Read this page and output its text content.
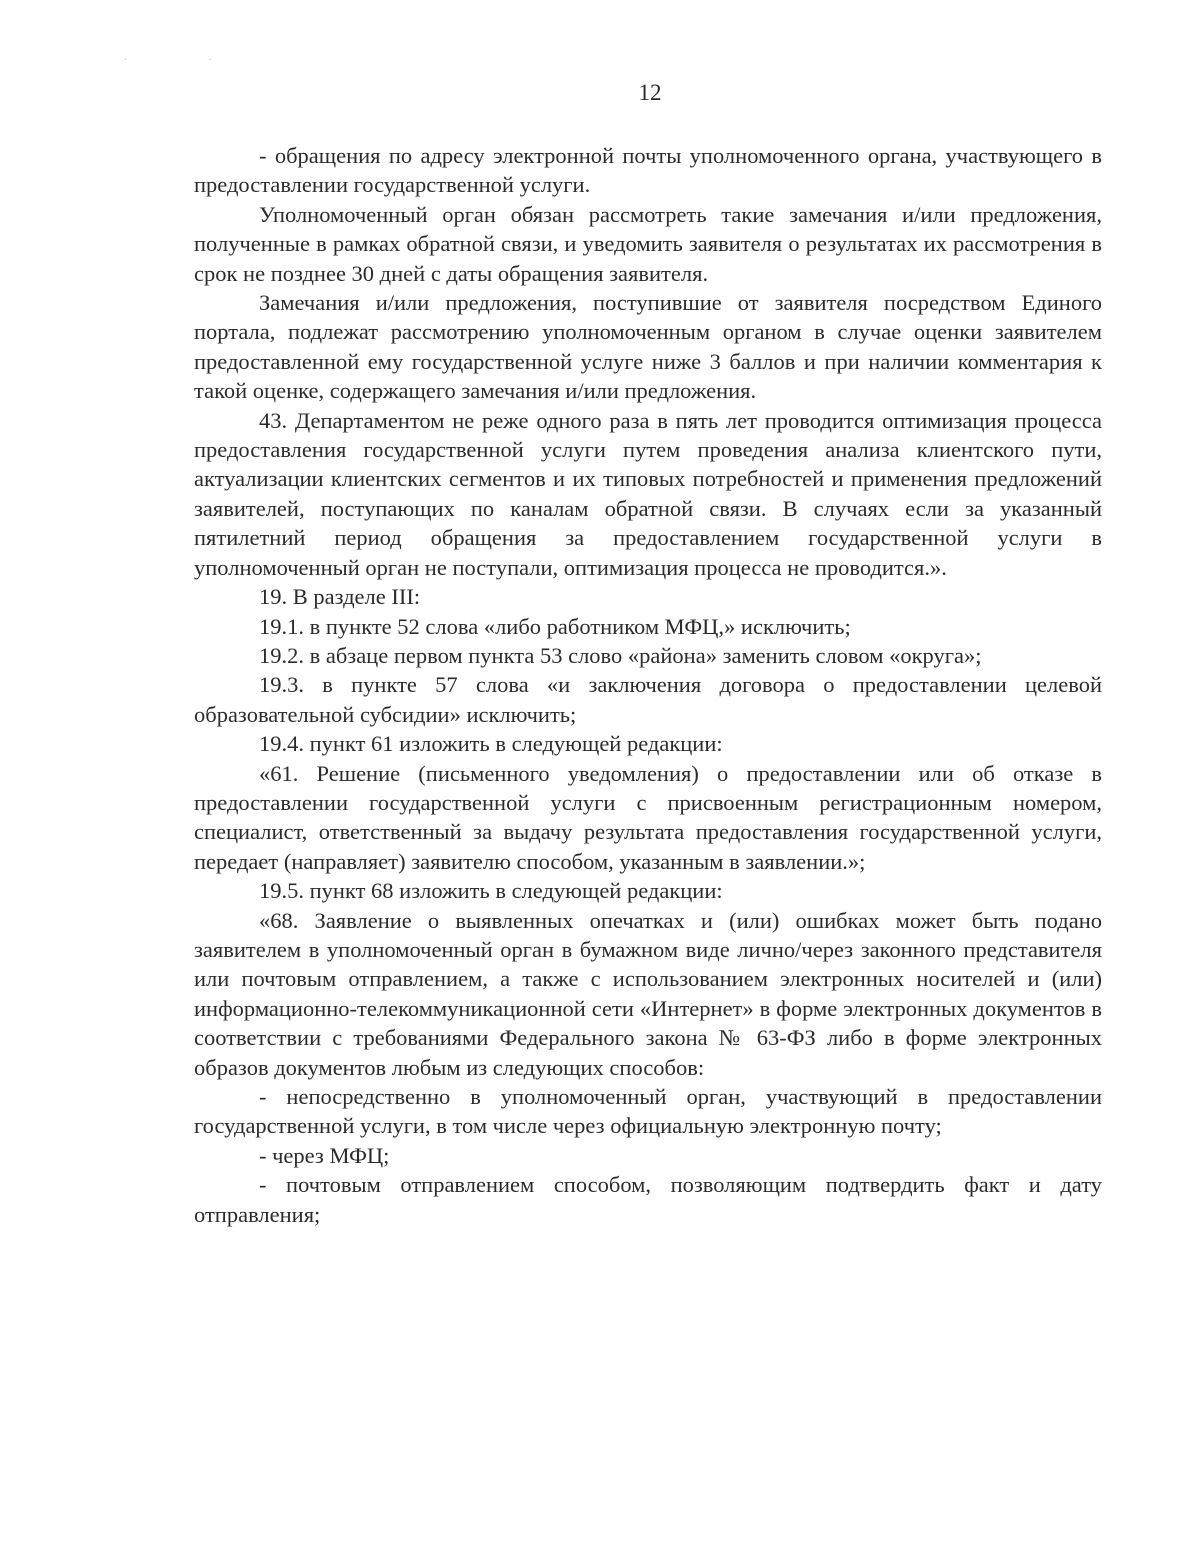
. .
12

- обращения по адресу электронной почты уполномоченного органа, участвующего в предоставлении государственной услуги.

Уполномоченный орган обязан рассмотреть такие замечания и/или предложения, полученные в рамках обратной связи, и уведомить заявителя о результатах их рассмотрения в срок не позднее 30 дней с даты обращения заявителя.

Замечания и/или предложения, поступившие от заявителя посредством Единого портала, подлежат рассмотрению уполномоченным органом в случае оценки заявителем предоставленной ему государственной услуге ниже 3 баллов и при наличии комментария к такой оценке, содержащего замечания и/или предложения.

43. Департаментом не реже одного раза в пять лет проводится оптимизация процесса предоставления государственной услуги путем проведения анализа клиентского пути, актуализации клиентских сегментов и их типовых потребностей и применения предложений заявителей, поступающих по каналам обратной связи. В случаях если за указанный пятилетний период обращения за предоставлением государственной услуги в уполномоченный орган не поступали, оптимизация процесса не проводится.».

19. В разделе III:

19.1. в пункте 52 слова «либо работником МФЦ,» исключить;

19.2. в абзаце первом пункта 53 слово «района» заменить словом «округа»;

19.3. в пункте 57 слова «и заключения договора о предоставлении целевой образовательной субсидии» исключить;

19.4. пункт 61 изложить в следующей редакции:

«61. Решение (письменного уведомления) о предоставлении или об отказе в предоставлении государственной услуги с присвоенным регистрационным номером, специалист, ответственный за выдачу результата предоставления государственной услуги, передает (направляет) заявителю способом, указанным в заявлении.»;

19.5. пункт 68 изложить в следующей редакции:

«68. Заявление о выявленных опечатках и (или) ошибках может быть подано заявителем в уполномоченный орган в бумажном виде лично/через законного представителя или почтовым отправлением, а также с использованием электронных носителей и (или) информационно-телекоммуникационной сети «Интернет» в форме электронных документов в соответствии с требованиями Федерального закона № 63-ФЗ либо в форме электронных образов документов любым из следующих способов:

- непосредственно в уполномоченный орган, участвующий в предоставлении государственной услуги, в том числе через официальную электронную почту;

- через МФЦ;

- почтовым отправлением способом, позволяющим подтвердить факт и дату отправления;
